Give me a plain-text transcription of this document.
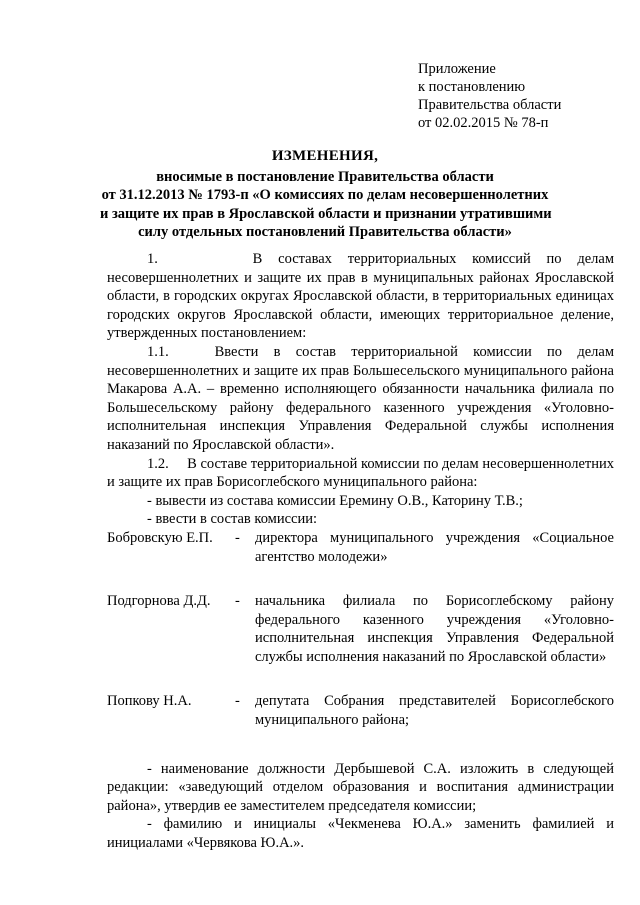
Приложение
к постановлению
Правительства области
от 02.02.2015 № 78-п
ИЗМЕНЕНИЯ,
вносимые в постановление Правительства области
от 31.12.2013 № 1793-п «О комиссиях по делам несовершеннолетних
и защите их прав в Ярославской области и признании утратившими
силу отдельных постановлений Правительства области»

1.      В составах территориальных комиссий по делам несовершеннолетних и защите их прав в муниципальных районах Ярославской области, в городских округах Ярославской области, в территориальных единицах городских округов Ярославской области, имеющих территориальное деление, утвержденных постановлением:

1.1.   Ввести в состав территориальной комиссии по делам несовершеннолетних и защите их прав Большесельского муниципального района Макарова А.А. – временно исполняющего обязанности начальника филиала по Большесельскому району федерального казенного учреждения «Уголовно-исполнительная инспекция Управления Федеральной службы исполнения наказаний по Ярославской области».

1.2.     В составе территориальной комиссии по делам несовершеннолетних и защите их прав Борисоглебского муниципального района:

- вывести из состава комиссии Еремину О.В., Каторину Т.В.;

- ввести в состав комиссии:

Бобровскую Е.П.	-	директора муниципального учреждения «Социальное агентство молодежи»
Подгорнова Д.Д.	-	начальника филиала по Борисоглебскому району федерального казенного учреждения «Уголовно-исполнительная инспекция Управления Федеральной службы исполнения наказаний по Ярославской области»
Попкову Н.А.	-	депутата Собрания представителей Борисоглебского муниципального района;

- наименование должности Дербышевой С.А. изложить в следующей редакции: «заведующий отделом образования и воспитания администрации района», утвердив ее заместителем председателя комиссии;

- фамилию и инициалы «Чекменева Ю.А.» заменить фамилией и инициалами «Червякова Ю.А.».
